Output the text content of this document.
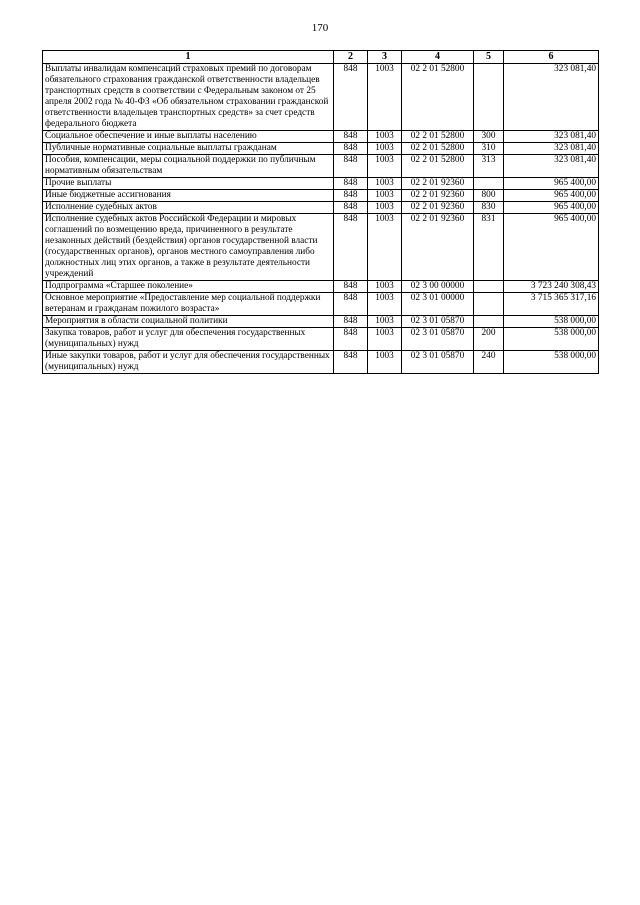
170
1	2	3	4	5	6
Выплаты инвалидам компенсаций страховых премий по договорам обязательного страхования гражданской ответственности владельцев транспортных средств в соответствии с Федеральным законом от 25 апреля 2002 года № 40-ФЗ «Об обязательном страховании гражданской ответственности владельцев транспортных средств» за счет средств федерального бюджета	848	1003	02 2 01 52800		323 081,40
Социальное обеспечение и иные выплаты населению	848	1003	02 2 01 52800	300	323 081,40
Публичные нормативные социальные выплаты гражданам	848	1003	02 2 01 52800	310	323 081,40
Пособия, компенсации, меры социальной поддержки по публичным нормативным обязательствам	848	1003	02 2 01 52800	313	323 081,40
Прочие выплаты	848	1003	02 2 01 92360		965 400,00
Иные бюджетные ассигнования	848	1003	02 2 01 92360	800	965 400,00
Исполнение судебных актов	848	1003	02 2 01 92360	830	965 400,00
Исполнение судебных актов Российской Федерации и мировых соглашений по возмещению вреда, причиненного в результате незаконных действий (бездействия) органов государственной власти (государственных органов), органов местного самоуправления либо должностных лиц этих органов, а также в результате деятельности учреждений	848	1003	02 2 01 92360	831	965 400,00
Подпрограмма «Старшее поколение»	848	1003	02 3 00 00000		3 723 240 308,43
Основное мероприятие «Предоставление мер социальной поддержки ветеранам и гражданам пожилого возраста»	848	1003	02 3 01 00000		3 715 365 317,16
Мероприятия в области социальной политики	848	1003	02 3 01 05870		538 000,00
Закупка товаров, работ и услуг для обеспечения государственных (муниципальных) нужд	848	1003	02 3 01 05870	200	538 000,00
Иные закупки товаров, работ и услуг для обеспечения государственных (муниципальных) нужд	848	1003	02 3 01 05870	240	538 000,00
